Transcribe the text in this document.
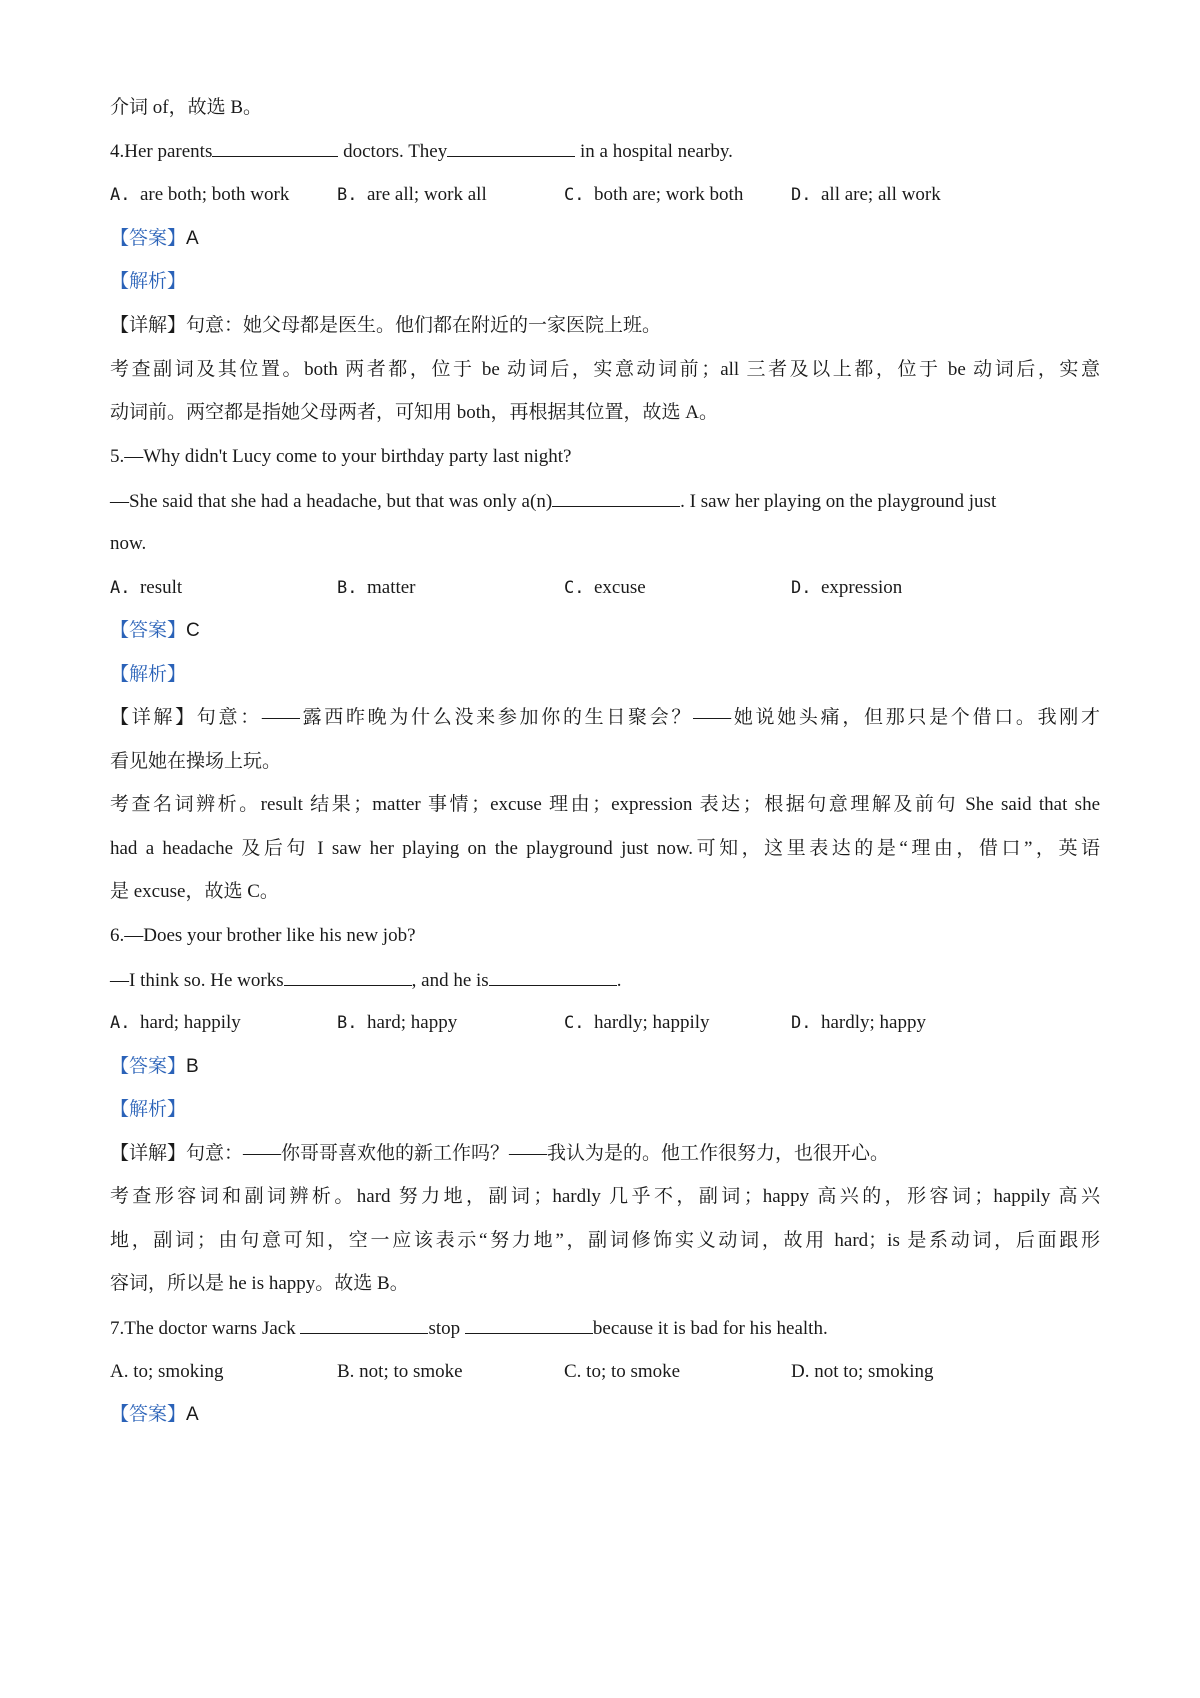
介词 of，故选 B。
4.Her parents	doctors. They	in a hospital nearby.
A. are both; both work	B. are all; work all	C. both are; work both	D. all are; all work
【答案】A
【解析】
【详解】句意：她父母都是医生。他们都在附近的一家医院上班。
考查副词及其位置。both 两者都，位于 be 动词后，实意动词前；all 三者及以上都，位于 be 动词后，实意
动词前。两空都是指她父母两者，可知用 both，再根据其位置，故选 A。
5.—Why didn't Lucy come to your birthday party last night?
—She said that she had a headache, but that was only a(n)	. I saw her playing on the playground just
now.
A. result	B. matter	C. excuse	D. expression
【答案】C
【解析】
【详解】句意：——露西昨晚为什么没来参加你的生日聚会？——她说她头痛，但那只是个借口。我刚才
看见她在操场上玩。
考查名词辨析。result 结果；matter 事情；excuse 理由；expression 表达；根据句意理解及前句 She said that she
had a headache 及后句 I saw her playing on the playground just now.可知，这里表达的是“理由，借口”，英语
是 excuse，故选 C。
6.—Does your brother like his new job?
—I think so. He works	, and he is	.
A. hard; happily	B. hard; happy	C. hardly; happily	D. hardly; happy
【答案】B
【解析】
【详解】句意：——你哥哥喜欢他的新工作吗？——我认为是的。他工作很努力，也很开心。
考查形容词和副词辨析。hard 努力地，副词；hardly 几乎不，副词；happy 高兴的，形容词；happily 高兴
地，副词；由句意可知，空一应该表示“努力地”，副词修饰实义动词，故用 hard；is 是系动词，后面跟形
容词，所以是 he is happy。故选 B。
7.The doctor warns Jack	stop	because it is bad for his health.
A. to; smoking	B. not; to smoke	C. to; to smoke	D. not to; smoking
【答案】A
